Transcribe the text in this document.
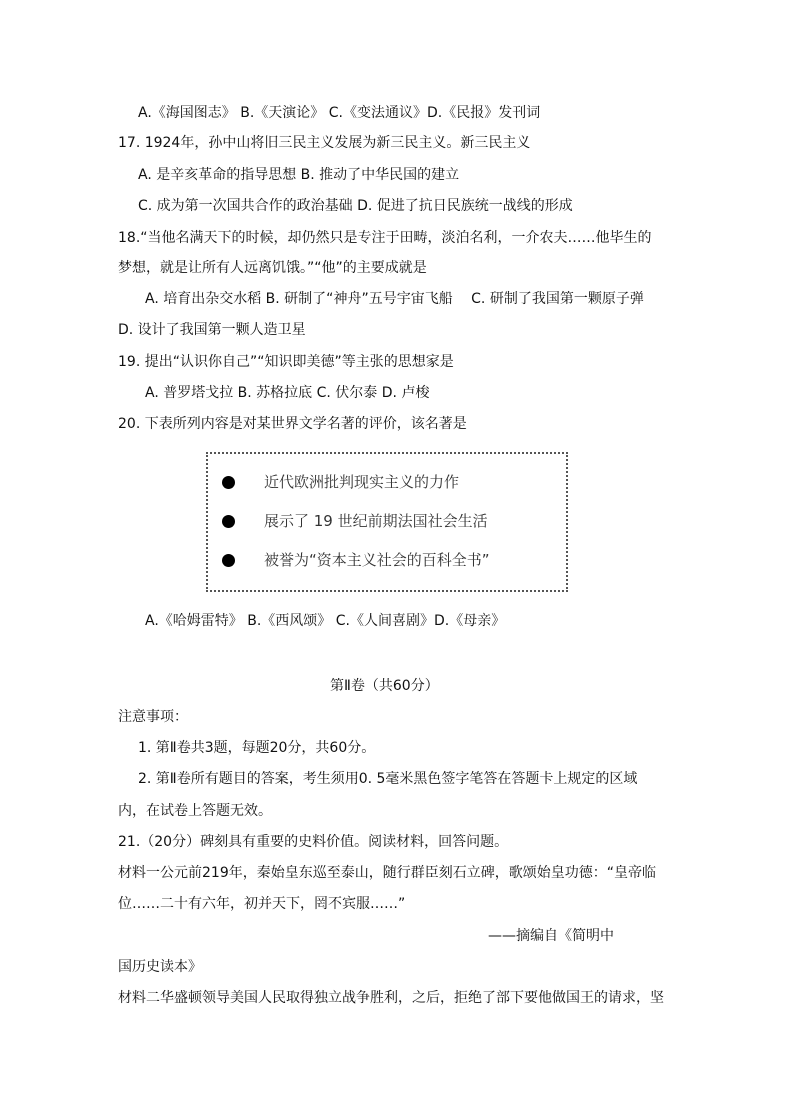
A.《海国图志》 B.《天演论》 C.《变法通议》D.《民报》发刊词
17. 1924年，孙中山将旧三民主义发展为新三民主义。新三民主义
A. 是辛亥革命的指导思想 B. 推动了中华民国的建立
C. 成为第一次国共合作的政治基础 D. 促进了抗日民族统一战线的形成
18.“当他名满天下的时候，却仍然只是专注于田畴，淡泊名利，一介农夫……他毕生的
梦想，就是让所有人远离饥饿。”“他”的主要成就是
A. 培育出杂交水稻 B. 研制了“神舟”五号宇宙飞船　 C. 研制了我国第一颗原子弹
D. 设计了我国第一颗人造卫星
19. 提出“认识你自己”“知识即美德”等主张的思想家是
A. 普罗塔戈拉 B. 苏格拉底 C. 伏尔泰 D. 卢梭
20. 下表所列内容是对某世界文学名著的评价，该名著是
近代欧洲批判现实主义的力作
展示了 19 世纪前期法国社会生活
被誉为“资本主义社会的百科全书”
A.《哈姆雷特》 B.《西风颂》 C.《人间喜剧》D.《母亲》
第Ⅱ卷（共60分）
注意事项：
1. 第Ⅱ卷共3题，每题20分，共60分。
2. 第Ⅱ卷所有题目的答案，考生须用0. 5毫米黑色签字笔答在答题卡上规定的区域
内，在试卷上答题无效。
21.（20分）碑刻具有重要的史料价值。阅读材料，回答问题。
材料一公元前219年，秦始皇东巡至泰山，随行群臣刻石立碑，歌颂始皇功德：“皇帝临
位……二十有六年，初并天下，罔不宾服……”
——摘编自《简明中
国历史读本》
材料二华盛顿领导美国人民取得独立战争胜利，之后，拒绝了部下要他做国王的请求，坚
